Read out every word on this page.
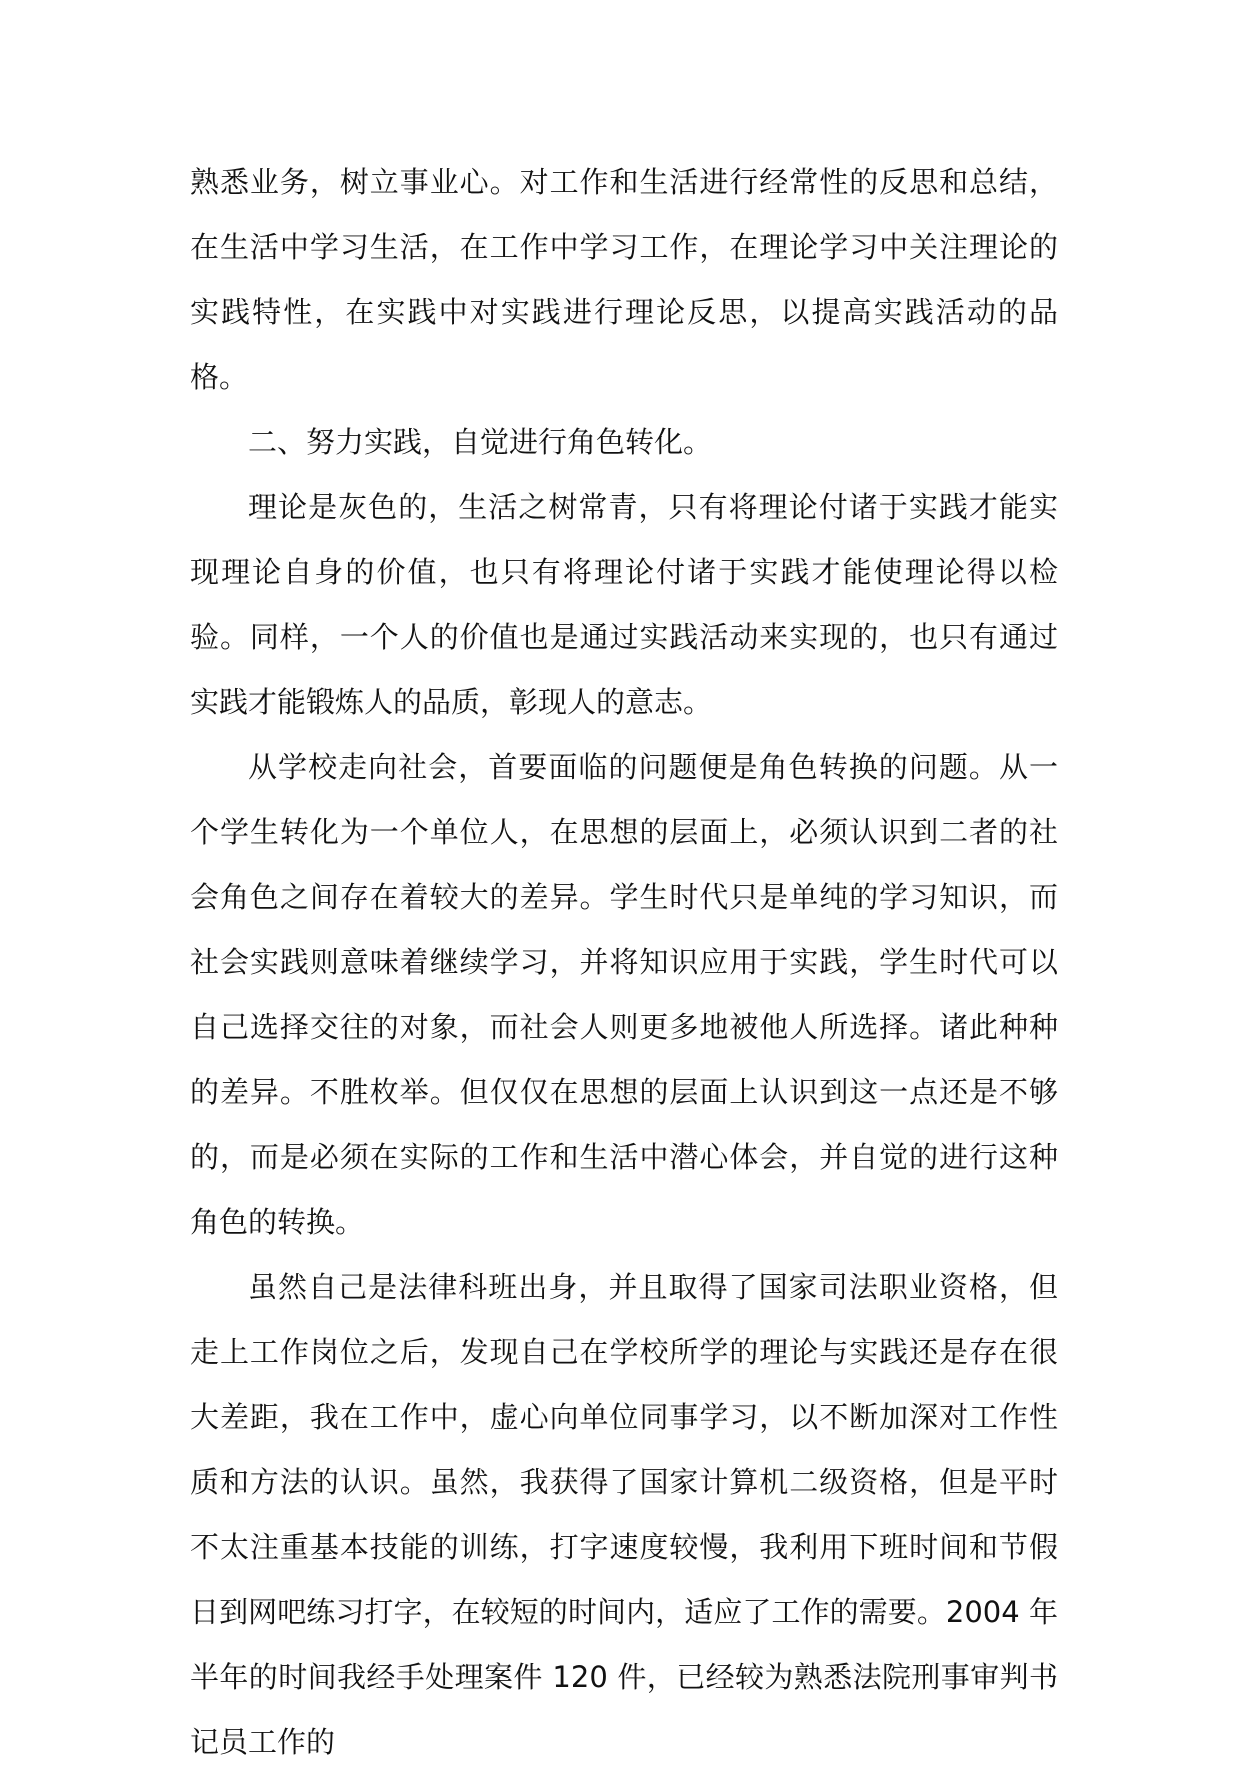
熟悉业务，树立事业心。对工作和生活进行经常性的反思和总结，在生活中学习生活，在工作中学习工作，在理论学习中关注理论的实践特性，在实践中对实践进行理论反思，以提高实践活动的品格。

二、努力实践，自觉进行角色转化。

理论是灰色的，生活之树常青，只有将理论付诸于实践才能实现理论自身的价值，也只有将理论付诸于实践才能使理论得以检验。同样，一个人的价值也是通过实践活动来实现的，也只有通过实践才能锻炼人的品质，彰现人的意志。

从学校走向社会，首要面临的问题便是角色转换的问题。从一个学生转化为一个单位人，在思想的层面上，必须认识到二者的社会角色之间存在着较大的差异。学生时代只是单纯的学习知识，而社会实践则意味着继续学习，并将知识应用于实践，学生时代可以自己选择交往的对象，而社会人则更多地被他人所选择。诸此种种的差异。不胜枚举。但仅仅在思想的层面上认识到这一点还是不够的，而是必须在实际的工作和生活中潜心体会，并自觉的进行这种角色的转换。

虽然自己是法律科班出身，并且取得了国家司法职业资格，但走上工作岗位之后，发现自己在学校所学的理论与实践还是存在很大差距，我在工作中，虚心向单位同事学习，以不断加深对工作性质和方法的认识。虽然，我获得了国家计算机二级资格，但是平时不太注重基本技能的训练，打字速度较慢，我利用下班时间和节假日到网吧练习打字，在较短的时间内，适应了工作的需要。2004 年半年的时间我经手处理案件 120 件，已经较为熟悉法院刑事审判书记员工作的
